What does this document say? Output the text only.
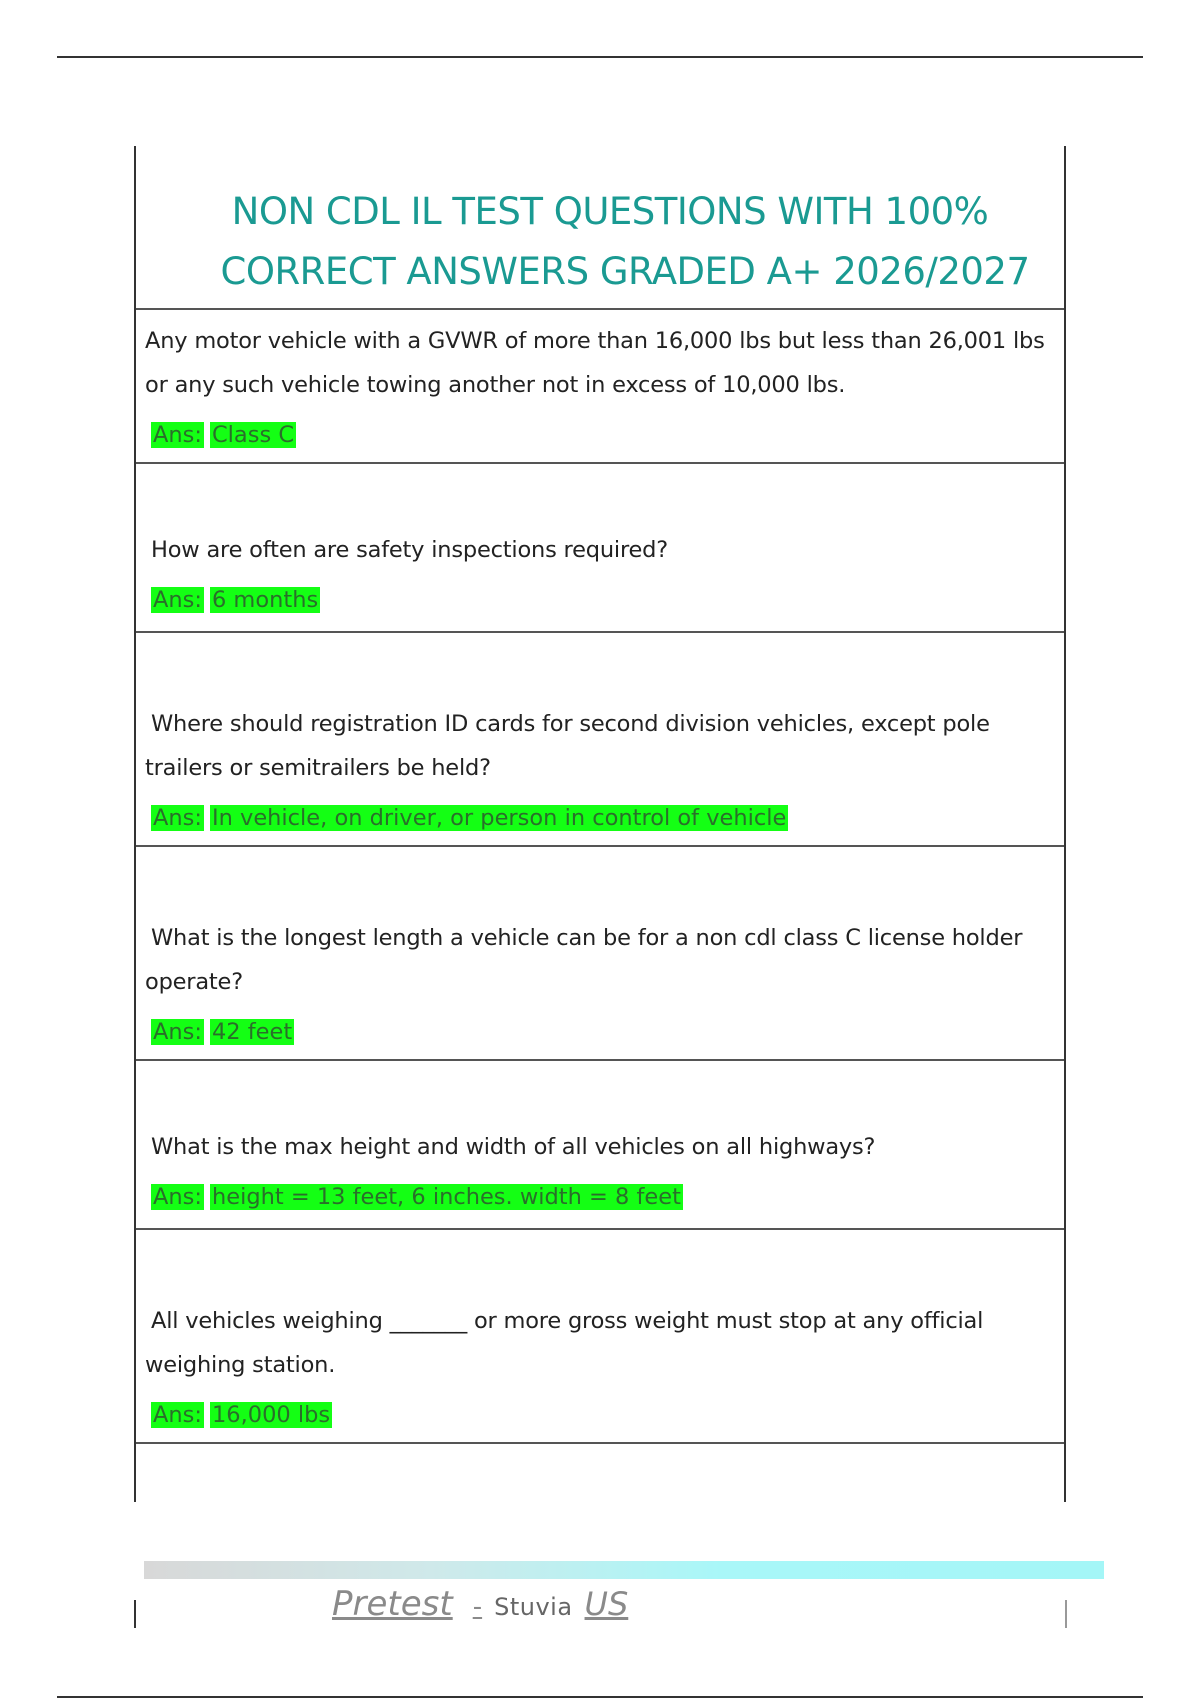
NON CDL IL TEST QUESTIONS WITH 100%
CORRECT ANSWERS GRADED A+ 2026/2027
Any motor vehicle with a GVWR of more than 16,000 lbs but less than 26,001 lbs or any such vehicle towing another not in excess of 10,000 lbs.
Ans: Class C
How are often are safety inspections required?
Ans: 6 months
Where should registration ID cards for second division vehicles, except pole trailers or semitrailers be held?
Ans: In vehicle, on driver, or person in control of vehicle
What is the longest length a vehicle can be for a non cdl class C license holder operate?
Ans: 42 feet
What is the max height and width of all vehicles on all highways?
Ans: height = 13 feet, 6 inches. width = 8 feet
All vehicles weighing _______ or more gross weight must stop at any official weighing station.
Ans: 16,000 lbs
Pretest - Stuvia US
